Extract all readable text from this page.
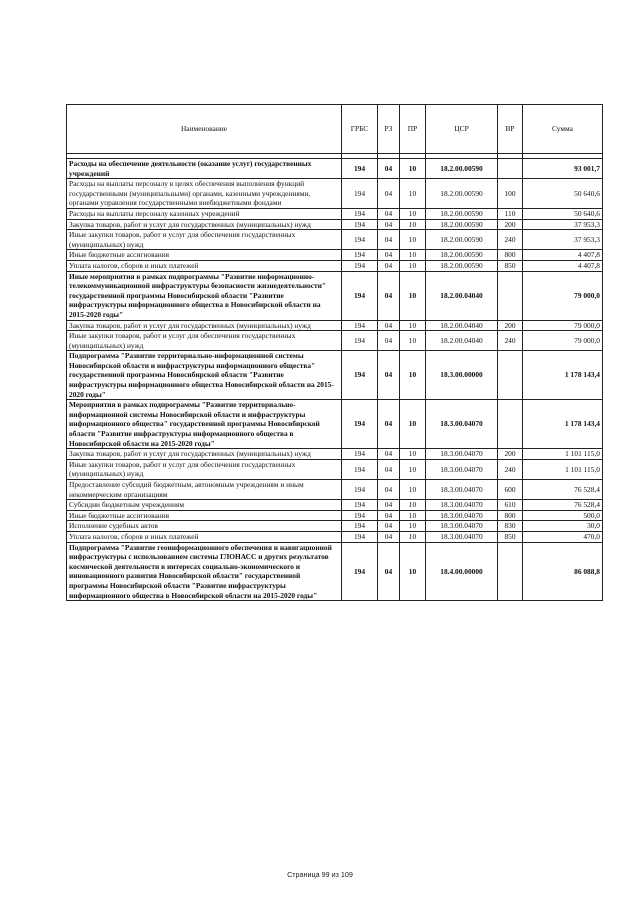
Наименование	ГРБС	РЗ	ПР	ЦСР	ВР	Сумма

Расходы на обеспечение деятельности (оказание услуг) государственных учреждений	194	04	10	18.2.00.00590		93 001,7
Расходы на выплаты персоналу в целях обеспечения выполнения функций государственными (муниципальными) органами, казенными учреждениями, органами управления государственными внебюджетными фондами	194	04	10	18.2.00.00590	100	50 640,6
Расходы на выплаты персоналу казенных учреждений	194	04	10	18.2.00.00590	110	50 640,6
Закупка товаров, работ и услуг для государственных (муниципальных) нужд	194	04	10	18.2.00.00590	200	37 953,3
Иные закупки товаров, работ и услуг для обеспечения государственных (муниципальных) нужд	194	04	10	18.2.00.00590	240	37 953,3
Иные бюджетные ассигнования	194	04	10	18.2.00.00590	800	4 407,8
Уплата налогов, сборов и иных платежей	194	04	10	18.2.00.00590	850	4 407,8
Иные мероприятия в рамках подпрограммы "Развитие информационно-телекоммуникационной инфраструктуры безопасности жизнедеятельности" государственной программы Новосибирской области "Развитие инфраструктуры информационного общества в Новосибирской области на 2015-2020 годы"	194	04	10	18.2.00.04040		79 000,0
Закупка товаров, работ и услуг для государственных (муниципальных) нужд	194	04	10	18.2.00.04040	200	79 000,0
Иные закупки товаров, работ и услуг для обеспечения государственных (муниципальных) нужд	194	04	10	18.2.00.04040	240	79 000,0
Подпрограмма "Развитие территориально-информационной системы Новосибирской области и инфраструктуры информационного общества" государственной программы Новосибирской области "Развитие инфраструктуры информационного общества Новосибирской области на 2015-2020 годы"	194	04	10	18.3.00.00000		1 178 143,4
Мероприятия в рамках подпрограммы "Развитие территориально-информационной системы Новосибирской области и инфраструктуры информационного общества" государственной программы Новосибирской области "Развитие инфраструктуры информационного общества в Новосибирской области на 2015-2020 годы"	194	04	10	18.3.00.04070		1 178 143,4
Закупка товаров, работ и услуг для государственных (муниципальных) нужд	194	04	10	18.3.00.04070	200	1 101 115,0
Иные закупки товаров, работ и услуг для обеспечения государственных (муниципальных) нужд	194	04	10	18.3.00.04070	240	1 101 115,0
Предоставление субсидий бюджетным, автономным учреждениям и иным некоммерческим организациям	194	04	10	18.3.00.04070	600	76 528,4
Субсидии бюджетным учреждениям	194	04	10	18.3.00.04070	610	76 528,4
Иные бюджетные ассигнования	194	04	10	18.3.00.04070	800	500,0
Исполнение судебных актов	194	04	10	18.3.00.04070	830	30,0
Уплата налогов, сборов и иных платежей	194	04	10	18.3.00.04070	850	470,0
Подпрограмма "Развитие геоинформационного обеспечения и навигационной инфраструктуры с использованием системы ГЛОНАСС и других результатов космической деятельности в интересах социально-экономического и инновационного развития Новосибирской области" государственной программы Новосибирской области "Развитие инфраструктуры информационного общества в Новосибирской области на 2015-2020 годы"	194	04	10	18.4.00.00000		86 088,8
Страница 99 из 109
